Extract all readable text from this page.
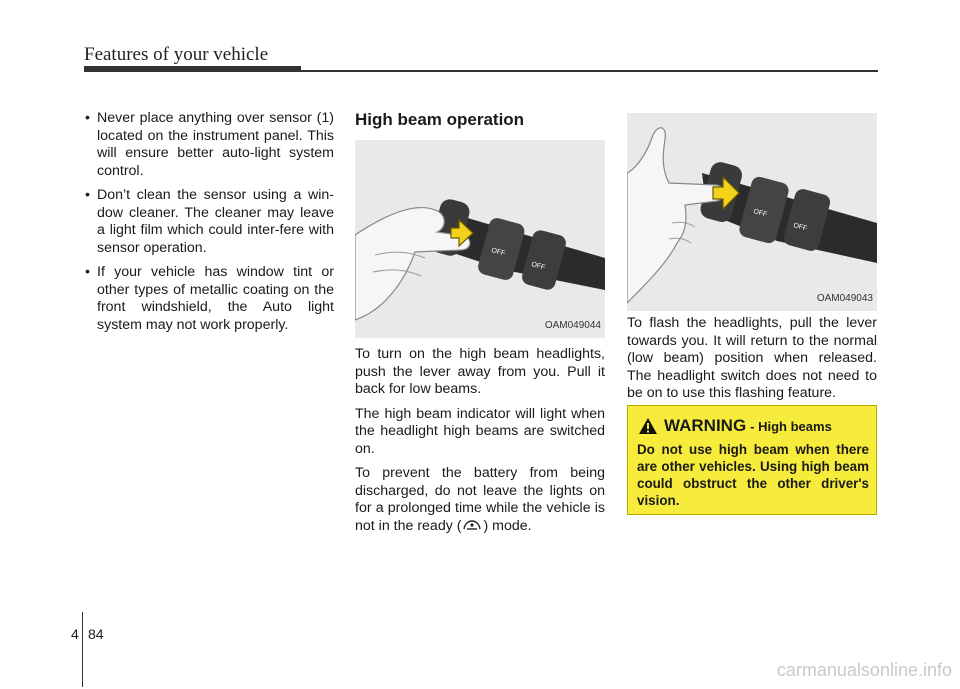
Features of your vehicle
• Never place anything over sensor (1) located on the instrument panel. This will ensure better auto-light system control.
• Don’t clean the sensor using a win-dow cleaner. The cleaner may leave a light film which could inter-fere with sensor operation.
• If your vehicle has window tint or other types of metallic coating on the front windshield, the Auto light system may not work properly.
High beam operation
OFF
OFF
OAM049044

To turn on the high beam headlights, push the lever away from you. Pull it back for low beams.

The high beam indicator will light when the headlight high beams are switched on.

To prevent the battery from being discharged, do not leave the lights on for a prolonged time while the vehicle is not in the ready ( ) mode.

OFF
OFF
OAM049043

To flash the headlights, pull the lever towards you. It will return to the normal (low beam) position when released. The headlight switch does not need to be on to use this flashing feature.

WARNING - High beams
Do not use high beam when there are other vehicles. Using high beam could obstruct the other driver's vision.
4 84
carmanualsonline.info
